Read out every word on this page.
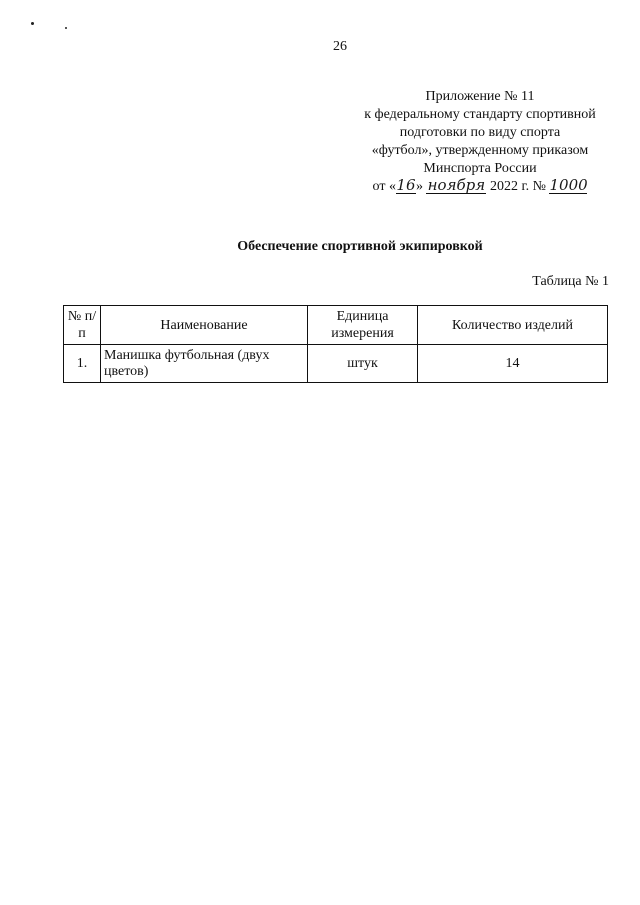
26
Приложение № 11
к федеральному стандарту спортивной
подготовки по виду спорта
«футбол», утвержденному приказом
Минспорта России
от «16» ноября 2022 г. № 1000
Обеспечение спортивной экипировкой
Таблица № 1
№ п/п	Наименование	Единица измерения	Количество изделий
1.	Манишка футбольная (двух цветов)	штук	14
